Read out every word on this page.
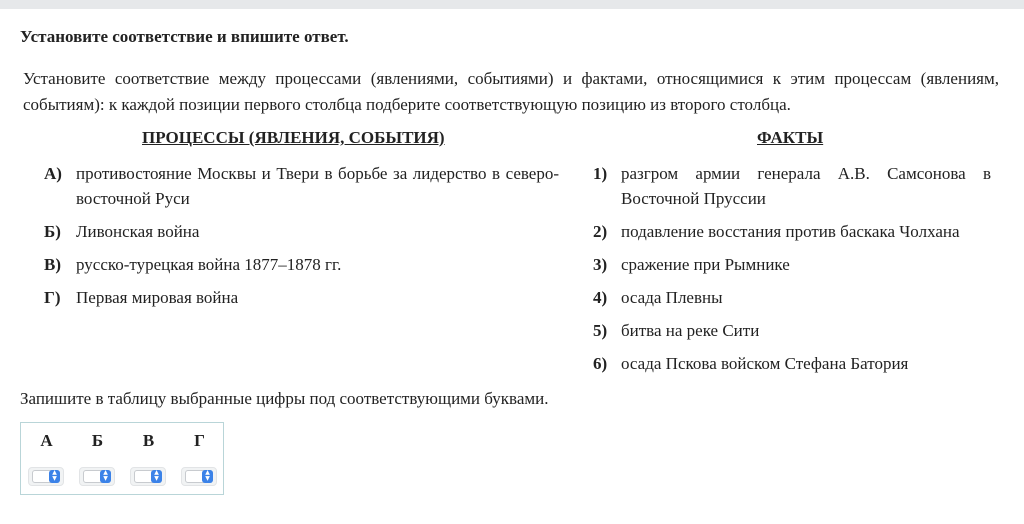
Установите соответствие и впишите ответ.
Установите соответствие между процессами (явлениями, событиями) и фактами, относящимися к этим процессам (явлениям, событиям): к каждой позиции первого столбца подберите соответствующую позицию из второго столбца.
ПРОЦЕССЫ (ЯВЛЕНИЯ, СОБЫТИЯ)	ФАКТЫ
А) противостояние Москвы и Твери в борьбе за лидерство в северо-восточной Руси
Б) Ливонская война
В) русско-турецкая война 1877–1878 гг.
Г) Первая мировая война
1) разгром армии генерала А.В. Самсонова в Восточной Пруссии
2) подавление восстания против баскака Чолхана
3) сражение при Рымнике
4) осада Плевны
5) битва на реке Сити
6) осада Пскова войском Стефана Батория
Запишите в таблицу выбранные цифры под соответствующими буквами.
А	Б	В	Г
▲
▼
▲
▼
▲
▼
▲
▼
